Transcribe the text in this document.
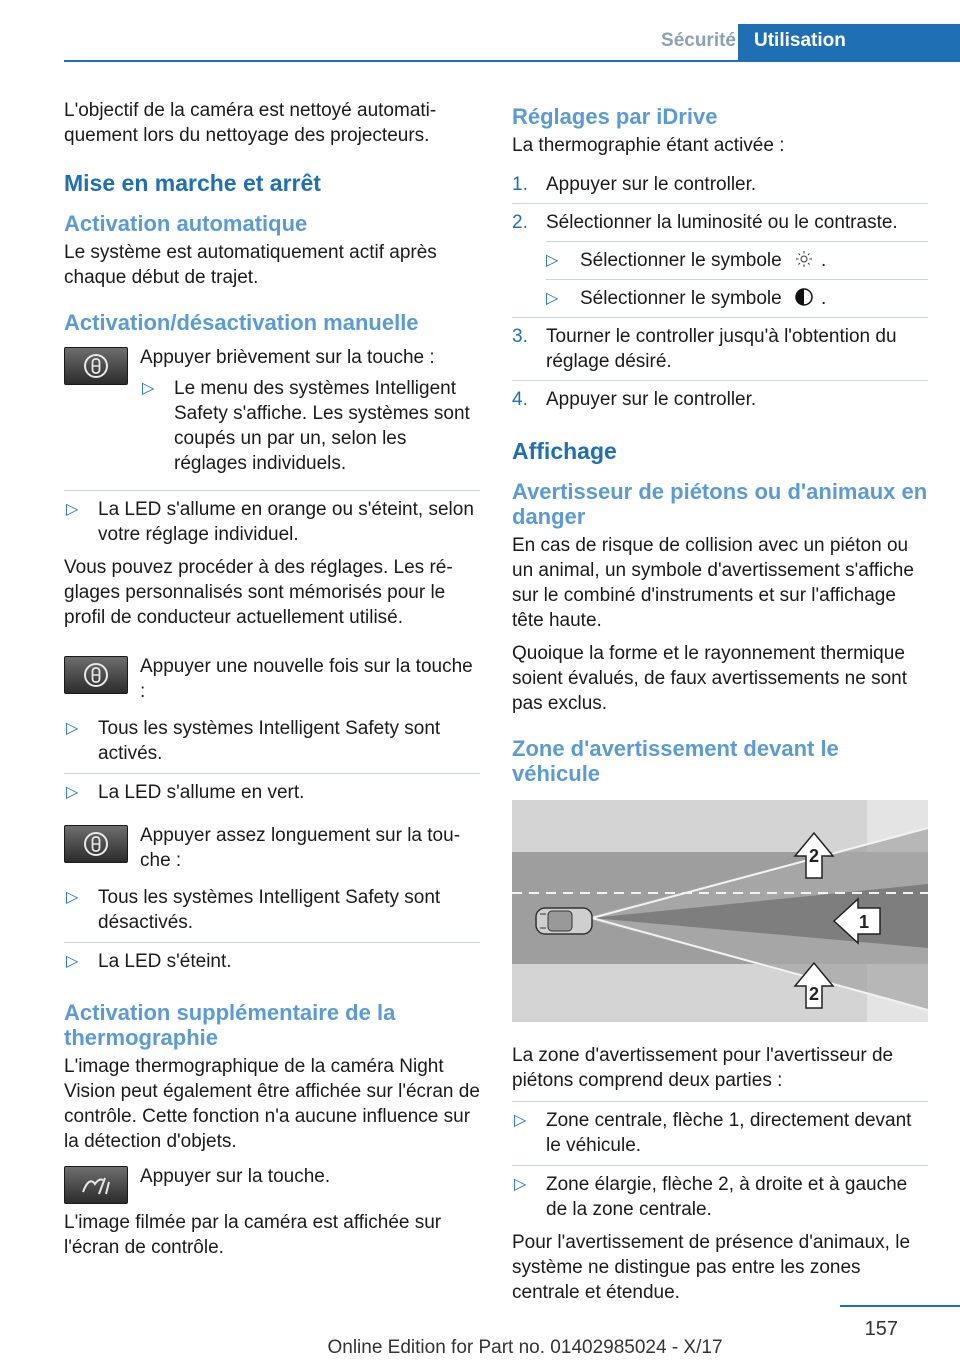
Sécurité Utilisation

L'objectif de la caméra est nettoyé automatiquement lors du nettoyage des projecteurs.

Mise en marche et arrêt
Activation automatique

Le système est automatiquement actif après chaque début de trajet.

Activation/désactivation manuelle

Appuyer brièvement sur la touche :

▷ Le menu des systèmes Intelligent Safety s'affiche. Les systèmes sont coupés un par un, selon les réglages individuels.
▷ La LED s'allume en orange ou s'éteint, selon votre réglage individuel.

Vous pouvez procéder à des réglages. Les réglages personnalisés sont mémorisés pour le profil de conducteur actuellement utilisé.

Appuyer une nouvelle fois sur la touche :

▷ Tous les systèmes Intelligent Safety sont activés.
▷ La LED s'allume en vert.

Appuyer assez longuement sur la touche :

▷ Tous les systèmes Intelligent Safety sont désactivés.
▷ La LED s'éteint.
Activation supplémentaire de la thermographie

L'image thermographique de la caméra Night Vision peut également être affichée sur l'écran de contrôle. Cette fonction n'a aucune influence sur la détection d'objets.

Appuyer sur la touche.

L'image filmée par la caméra est affichée sur l'écran de contrôle.

Réglages par iDrive

La thermographie étant activée :

1. Appuyer sur le controller.
2. Sélectionner la luminosité ou le contraste.
▷ Sélectionner le symbole .
▷ Sélectionner le symbole .
3. Tourner le controller jusqu'à l'obtention du réglage désiré.
4. Appuyer sur le controller.
Affichage
Avertisseur de piétons ou d'animaux en danger

En cas de risque de collision avec un piéton ou un animal, un symbole d'avertissement s'affiche sur le combiné d'instruments et sur l'affichage tête haute.

Quoique la forme et le rayonnement thermique soient évalués, de faux avertissements ne sont pas exclus.

Zone d'avertissement devant le véhicule
2
1
2

La zone d'avertissement pour l'avertisseur de piétons comprend deux parties :

▷ Zone centrale, flèche 1, directement devant le véhicule.
▷ Zone élargie, flèche 2, à droite et à gauche de la zone centrale.

Pour l'avertissement de présence d'animaux, le système ne distingue pas entre les zones centrale et étendue.

157
Online Edition for Part no. 01402985024 - X/17
